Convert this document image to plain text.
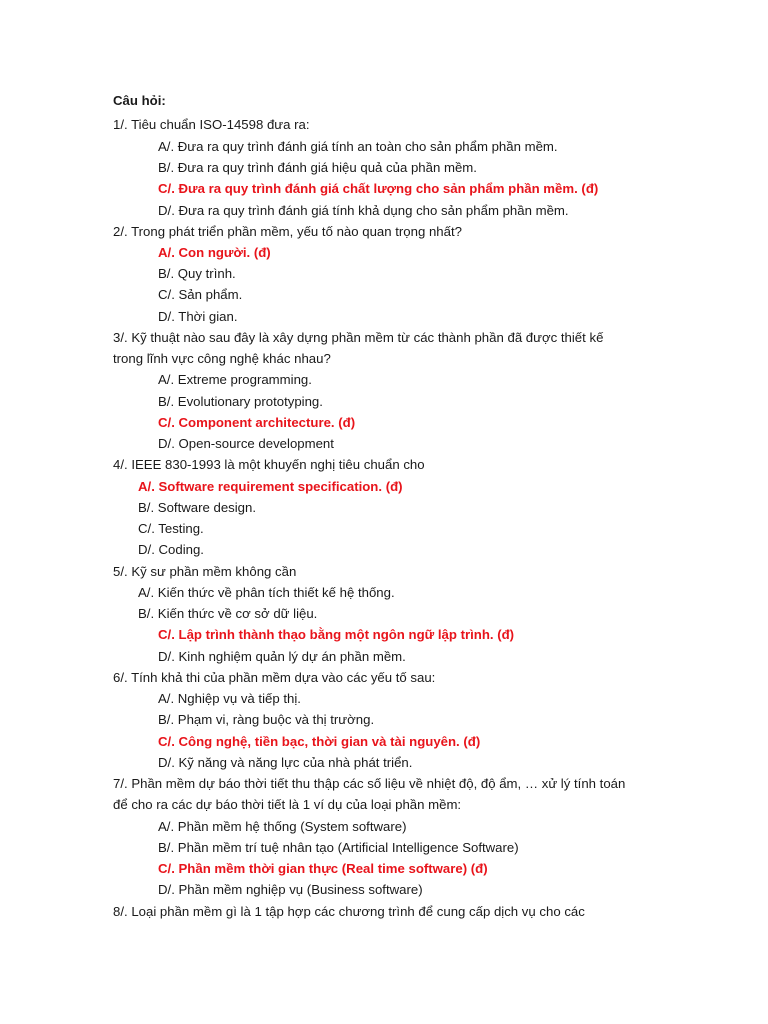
Câu hỏi:
1/. Tiêu chuẩn ISO-14598 đưa ra:
A/. Đưa ra quy trình đánh giá tính an toàn cho sản phẩm phần mềm.
B/. Đưa ra quy trình đánh giá hiệu quả của phần mềm.
C/. Đưa ra quy trình đánh giá chất lượng cho sản phẩm phần mềm. (đ)
D/. Đưa ra quy trình đánh giá tính khả dụng cho sản phẩm phần mềm.
2/. Trong phát triển phần mềm, yếu tố nào quan trọng nhất?
A/. Con người. (đ)
B/. Quy trình.
C/. Sản phẩm.
D/. Thời gian.
3/. Kỹ thuật nào sau đây là xây dựng phần mềm từ các thành phần đã được thiết kế
trong lĩnh vực công nghệ khác nhau?
A/. Extreme programming.
B/. Evolutionary prototyping.
C/. Component architecture. (đ)
D/. Open-source development
4/. IEEE 830-1993 là một khuyến nghị tiêu chuẩn cho
A/. Software requirement specification. (đ)
B/. Software design.
C/. Testing.
D/. Coding.
5/. Kỹ sư phần mềm không cần
A/. Kiến thức về phân tích thiết kế hệ thống.
B/. Kiến thức về cơ sở dữ liệu.
C/. Lập trình thành thạo bằng một ngôn ngữ lập trình. (đ)
D/. Kinh nghiệm quản lý dự án phần mềm.
6/. Tính khả thi của phần mềm dựa vào các yếu tố sau:
A/. Nghiệp vụ và tiếp thị.
B/. Phạm vi, ràng buộc và thị trường.
C/. Công nghệ, tiền bạc, thời gian và tài nguyên. (đ)
D/. Kỹ năng và năng lực của nhà phát triển.
7/. Phần mềm dự báo thời tiết thu thập các số liệu về nhiệt độ, độ ẩm, … xử lý tính toán
để cho ra các dự báo thời tiết là 1 ví dụ của loại phần mềm:
A/. Phần mềm hệ thống (System software)
B/. Phần mềm trí tuệ nhân tạo (Artificial Intelligence Software)
C/. Phần mềm thời gian thực (Real time software) (đ)
D/. Phần mềm nghiệp vụ (Business software)
8/. Loại phần mềm gì là 1 tập hợp các chương trình để cung cấp dịch vụ cho các
